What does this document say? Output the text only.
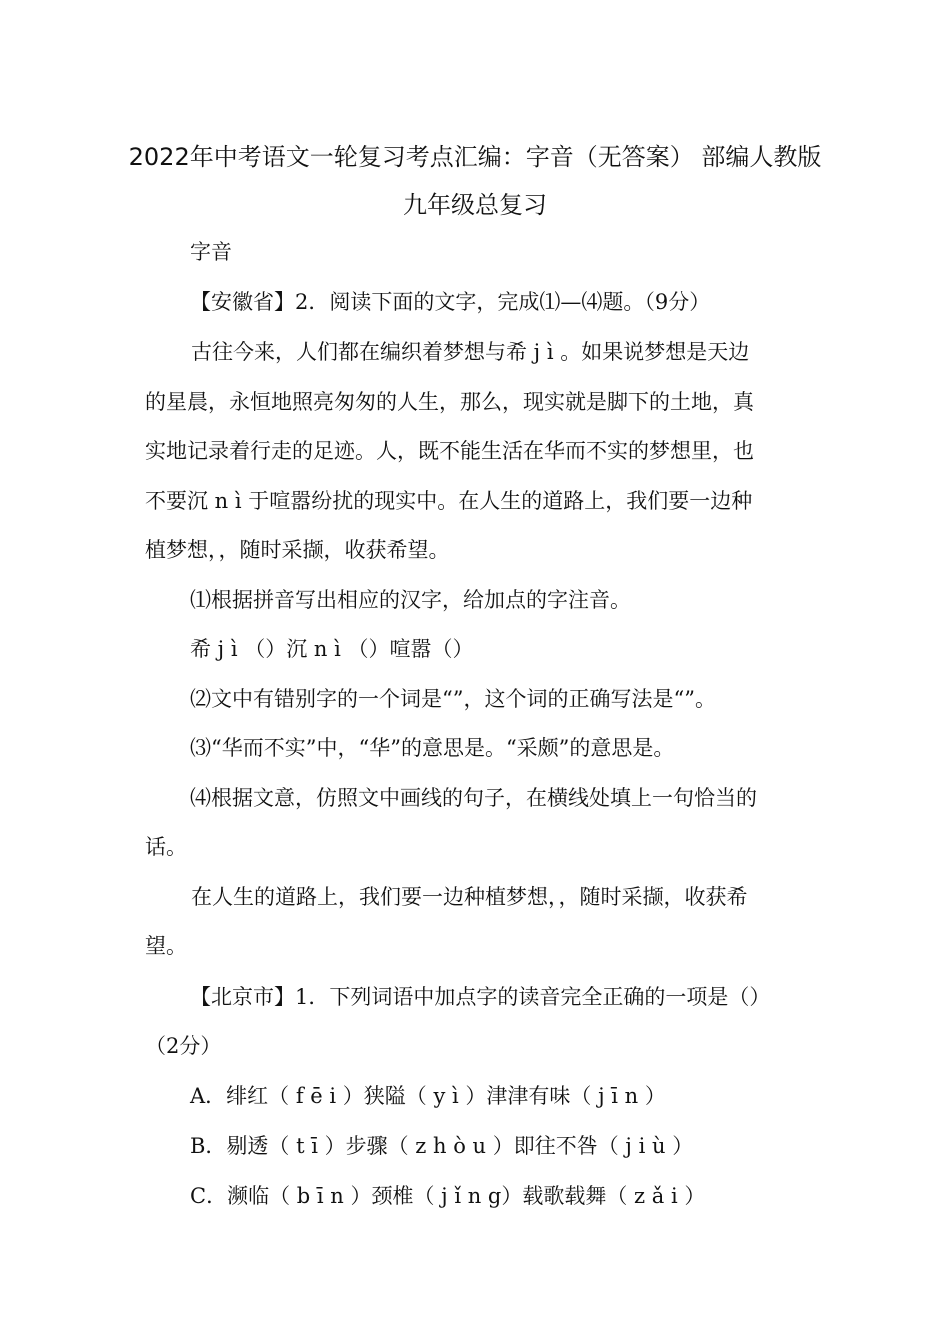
2022年中考语文一轮复习考点汇编：字音（无答案） 部编人教版
九年级总复习
字音
【安徽省】2．阅读下面的文字，完成⑴—⑷题。（9分）
古往今来，人们都在编织着梦想与希 j ì 。如果说梦想是天边
的星晨，永恒地照亮匆匆的人生，那么，现实就是脚下的土地，真
实地记录着行走的足迹。人，既不能生活在华而不实的梦想里，也
不要沉 n ì 于喧嚣纷扰的现实中。在人生的道路上，我们要一边种
植梦想，，随时采撷，收获希望。
⑴根据拼音写出相应的汉字，给加点的字注音。
希 j ì （）沉 n ì （）喧嚣（）
⑵文中有错别字的一个词是“”，这个词的正确写法是“”。
⑶“华而不实”中，“华”的意思是。“采颇”的意思是。
⑷根据文意，仿照文中画线的句子，在横线处填上一句恰当的
话。
在人生的道路上，我们要一边种植梦想，，随时采撷，收获希
望。
【北京市】1．下列词语中加点字的读音完全正确的一项是（）
（2分）
A．绯红（ f ē i ）狭隘（ y ì ）津津有味（ j ī n ）
B．剔透（ t ī ）步骤（ z h ò u ）即往不咎（ j i ù ）
C．濒临（ b ī n ）颈椎（ j ǐ n g）载歌载舞（ z ǎ i ）
